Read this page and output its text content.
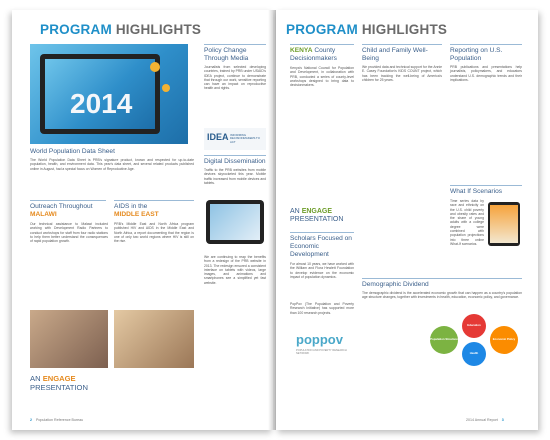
PROGRAM HIGHLIGHTS
2014
World Population Data Sheet
The World Population Data Sheet is PRB's signature product, known and respected for up-to-date population, health, and environment data. This year's data sheet, and several related products published online in August, had a special focus on Women of Reproductive Age.
Outreach Throughout
MALAWI
Our technical assistance to Malawi included working with Development Radio Partners to conduct workshops for staff from four radio stations to help them better understand the consequences of rapid population growth.
AIDS in the
MIDDLE EAST
PRB's Middle East and North Africa program published HIV and AIDS in the Middle East and North Africa, a report documenting that the region is one of only two world regions where HIV is still on the rise.
AN ENGAGE
PRESENTATION
Policy Change Through Media
Journalists from selected developing countries, trained by PRB under USAID's IDEA project, continue to demonstrate that through our work, sensitive reporting can have an impact on reproductive health and rights.
IDEA INFORMING DECISIONMAKERS TO ACT
Digital Dissemination
Traffic to the PRB websites from mobile devices skyrocketed this year. Mobile traffic increased from mobile devices and tablets.
We are continuing to reap the benefits from a redesign of the PRB website in 2013. The redesign ensured a consistent interface on tablets with videos, large images, and animations and smartphones see a simplified yet fast website.
2 Population Reference Bureau
PROGRAM HIGHLIGHTS
KENYA County Decisionmakers
Kenya's National Council for Population and Development, in collaboration with PRB, conducted a series of county-level workshops designed to bring data to decisionmakers.
AN ENGAGE
PRESENTATION
Scholars Focused on Economic Development
For almost 10 years, we have worked with the William and Flora Hewlett Foundation to develop evidence on the economic impact of population dynamics.
PopPov (The Population and Poverty Research Initiative) has supported more than 100 research projects.
poppov
POPULATION AND POVERTY RESEARCH NETWORK
Child and Family Well-Being
We provided data and technical support for the Annie E. Casey Foundation's KIDS COUNT project, which has been tracking the well-being of America's children for 25 years.
Reporting on U.S. Population
PRB publications and presentations help journalists, policymakers, and educators understand U.S. demographic trends and their implications.
What If Scenarios
Time series data by race and ethnicity on the U.S. child poverty and obesity rates and the share of young adults with a college degree were combined with population projections into three online What-If scenarios.
Demographic Dividend
The demographic dividend is the accelerated economic growth that can happen as a country's population age structure changes, together with investments in health, education, economic policy, and governance.
Population Structure
Education
Health
Economic Policy
2014 Annual Report 3
